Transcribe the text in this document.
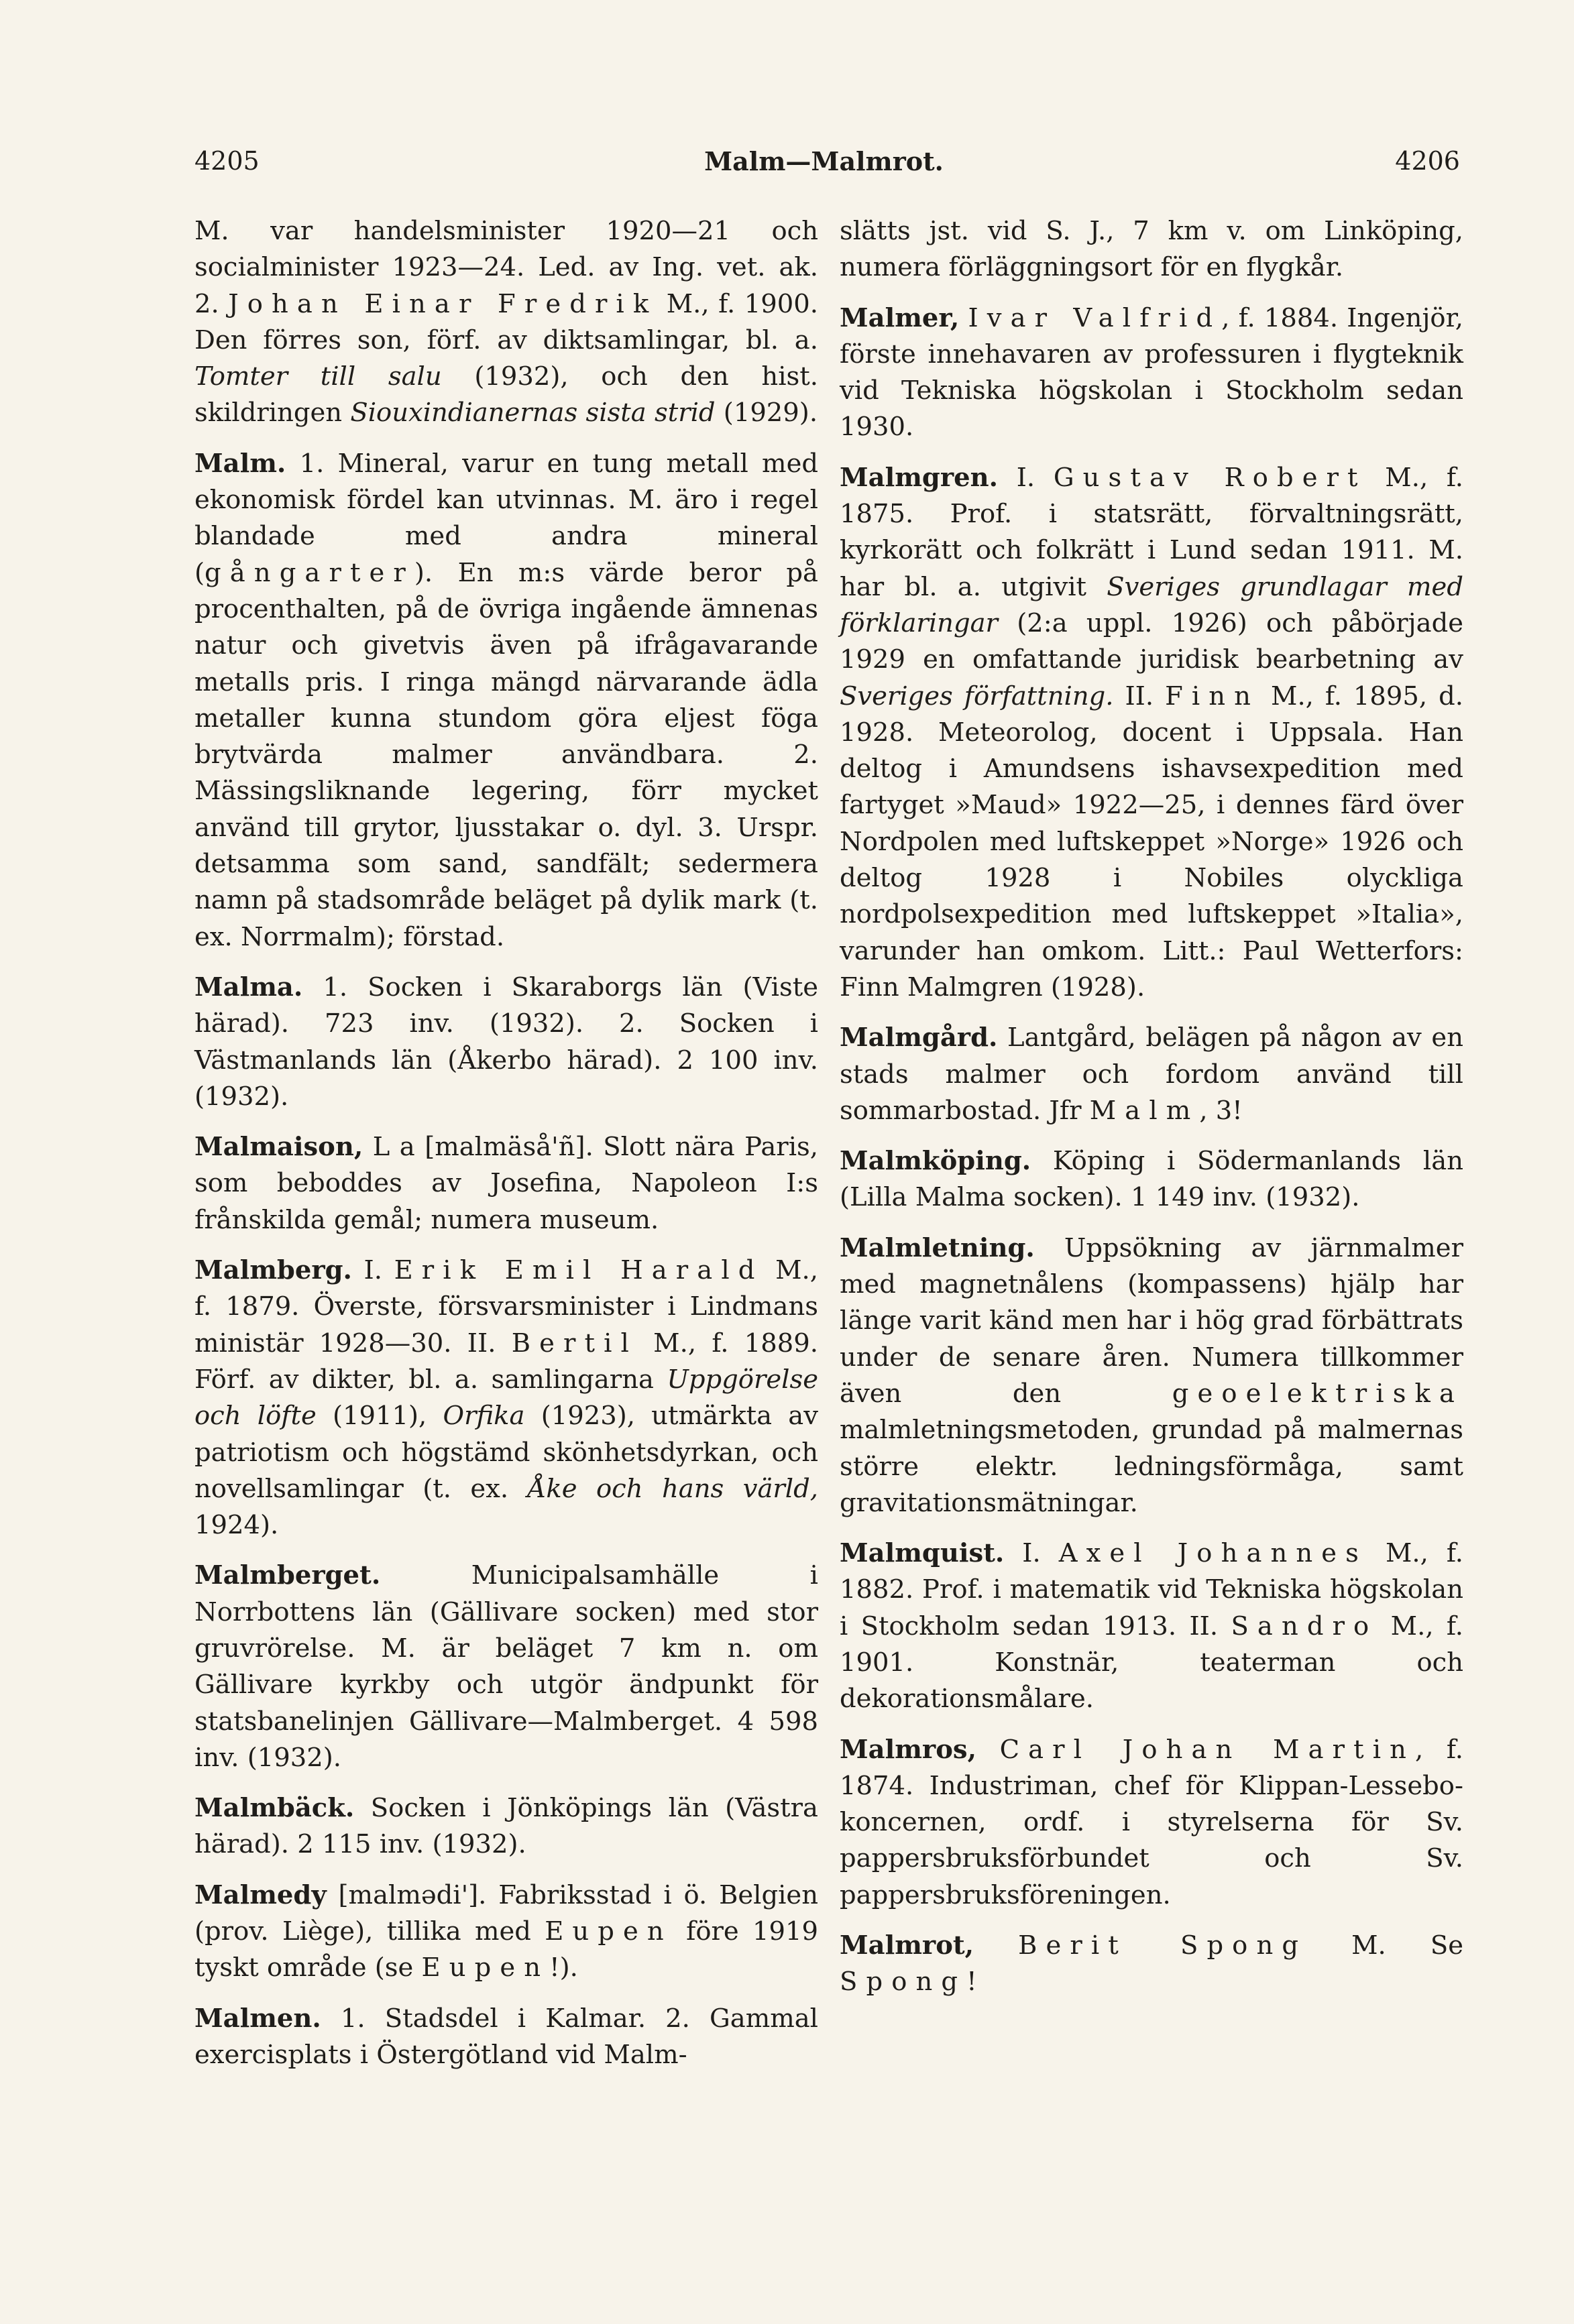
4205	Malm—Malmrot.	4206

M. var handelsminister 1920—21 och socialminister 1923—24. Led. av Ing. vet. ak. 2. Johan Einar Fredrik M., f. 1900. Den förres son, förf. av diktsamlingar, bl. a. Tomter till salu (1932), och den hist. skildringen Siouxindianernas sista strid (1929).

Malm. 1. Mineral, varur en tung metall med ekonomisk fördel kan utvinnas. M. äro i regel blandade med andra mineral (gångarter). En m:s värde beror på procenthalten, på de övriga ingående ämnenas natur och givetvis även på ifrågavarande metalls pris. I ringa mängd närvarande ädla metaller kunna stundom göra eljest föga brytvärda malmer användbara. 2. Mässingsliknande legering, förr mycket använd till grytor, ljusstakar o. dyl. 3. Urspr. detsamma som sand, sandfält; sedermera namn på stadsområde beläget på dylik mark (t. ex. Norrmalm); förstad.

Malma. 1. Socken i Skaraborgs län (Viste härad). 723 inv. (1932). 2. Socken i Västmanlands län (Åkerbo härad). 2 100 inv. (1932).

Malmaison, L a [malmäså'ñ]. Slott nära Paris, som beboddes av Josefina, Napoleon I:s frånskilda gemål; numera museum.

Malmberg. I. Erik Emil Harald M., f. 1879. Överste, försvarsminister i Lindmans ministär 1928—30. II. Bertil M., f. 1889. Förf. av dikter, bl. a. samlingarna Uppgörelse och löfte (1911), Orfika (1923), utmärkta av patriotism och högstämd skönhetsdyrkan, och novellsamlingar (t. ex. Åke och hans värld, 1924).

Malmberget. Municipalsamhälle i Norrbottens län (Gällivare socken) med stor gruvrörelse. M. är beläget 7 km n. om Gällivare kyrkby och utgör ändpunkt för statsbanelinjen Gällivare—Malmberget. 4 598 inv. (1932).

Malmbäck. Socken i Jönköpings län (Västra härad). 2 115 inv. (1932).

Malmedy [malmədi']. Fabriksstad i ö. Belgien (prov. Liège), tillika med Eupen före 1919 tyskt område (se Eupen!).

Malmen. 1. Stadsdel i Kalmar. 2. Gammal exercisplats i Östergötland vid Malm-

slätts jst. vid S. J., 7 km v. om Linköping, numera förläggningsort för en flygkår.

Malmer, Ivar Valfrid, f. 1884. Ingenjör, förste innehavaren av professuren i flygteknik vid Tekniska högskolan i Stockholm sedan 1930.

Malmgren. I. Gustav Robert M., f. 1875. Prof. i statsrätt, förvaltningsrätt, kyrkorätt och folkrätt i Lund sedan 1911. M. har bl. a. utgivit Sveriges grundlagar med förklaringar (2:a uppl. 1926) och påbörjade 1929 en omfattande juridisk bearbetning av Sveriges författning. II. Finn M., f. 1895, d. 1928. Meteorolog, docent i Uppsala. Han deltog i Amundsens ishavsexpedition med fartyget »Maud» 1922—25, i dennes färd över Nordpolen med luftskeppet »Norge» 1926 och deltog 1928 i Nobiles olyckliga nordpolsexpedition med luftskeppet »Italia», varunder han omkom. Litt.: Paul Wetterfors: Finn Malmgren (1928).

Malmgård. Lantgård, belägen på någon av en stads malmer och fordom använd till sommarbostad. Jfr Malm, 3!

Malmköping. Köping i Södermanlands län (Lilla Malma socken). 1 149 inv. (1932).

Malmletning. Uppsökning av järnmalmer med magnetnålens (kompassens) hjälp har länge varit känd men har i hög grad förbättrats under de senare åren. Numera tillkommer även den geoelektriska malmletningsmetoden, grundad på malmernas större elektr. ledningsförmåga, samt gravitationsmätningar.

Malmquist. I. Axel Johannes M., f. 1882. Prof. i matematik vid Tekniska högskolan i Stockholm sedan 1913. II. Sandro M., f. 1901. Konstnär, teaterman och dekorationsmålare.

Malmros, Carl Johan Martin, f. 1874. Industriman, chef för Klippan-Lessebo-koncernen, ordf. i styrelserna för Sv. pappersbruksförbundet och Sv. pappersbruksföreningen.

Malmrot, Berit Spong M. Se Spong!
